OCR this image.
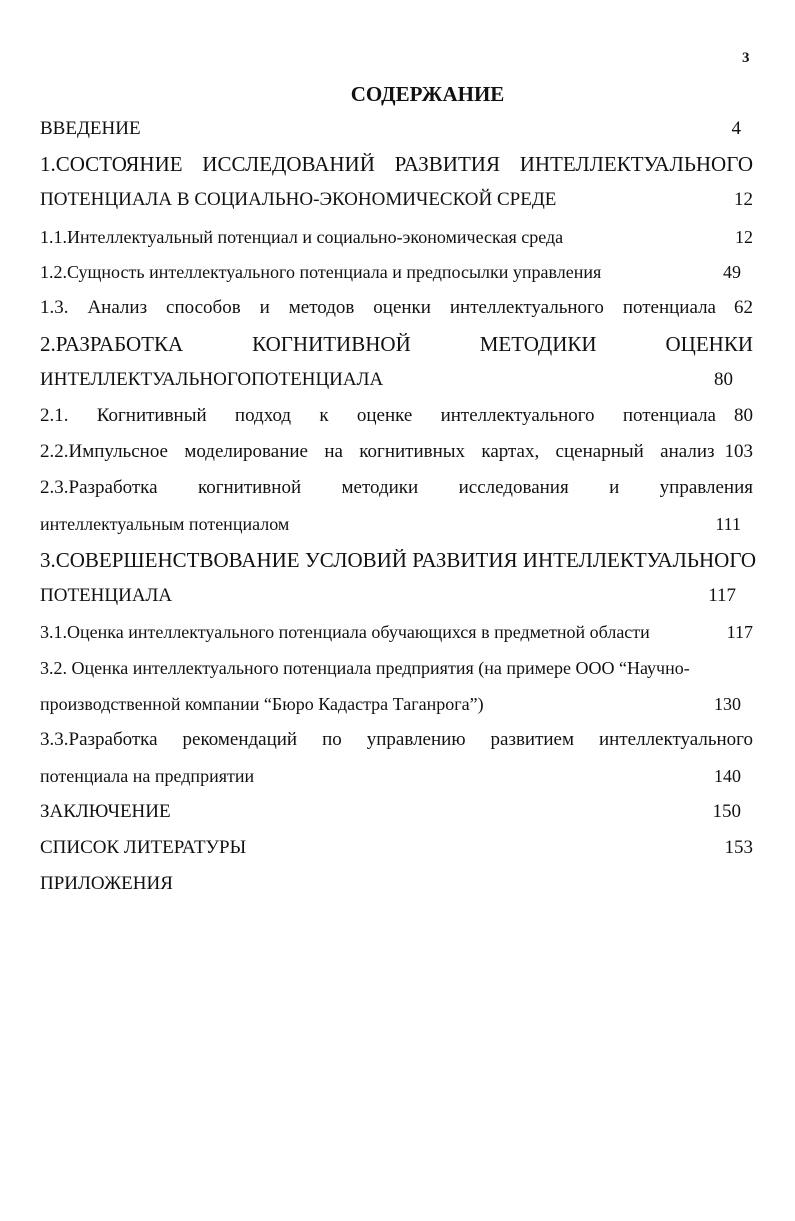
3
СОДЕРЖАНИЕ
ВВЕДЕНИЕ	4
1.СОСТОЯНИЕ ИССЛЕДОВАНИЙ РАЗВИТИЯ ИНТЕЛЛЕКТУАЛЬНОГО
ПОТЕНЦИАЛА В СОЦИАЛЬНО-ЭКОНОМИЧЕСКОЙ СРЕДЕ	12
1.1.Интеллектуальный потенциал и социально-экономическая среда	12
1.2.Сущность интеллектуального потенциала и предпосылки управления	49
1.3. Анализ способов и методов оценки интеллектуального потенциала 62
2.РАЗРАБОТКА КОГНИТИВНОЙ МЕТОДИКИ ОЦЕНКИ
ИНТЕЛЛЕКТУАЛЬНОГОПОТЕНЦИАЛА	80
2.1. Когнитивный подход к оценке интеллектуального потенциала 80
2.2.Импульсное моделирование на когнитивных картах, сценарный анализ 103
2.3.Разработка когнитивной методики исследования и управления
интеллектуальным потенциалом	111
3.СОВЕРШЕНСТВОВАНИЕ УСЛОВИЙ РАЗВИТИЯ ИНТЕЛЛЕКТУАЛЬНОГО
ПОТЕНЦИАЛА	117
3.1.Оценка интеллектуального потенциала обучающихся в предметной области	117
3.2. Оценка интеллектуального потенциала предприятия (на примере ООО “Научно-
производственной компании “Бюро Кадастра Таганрога”)	130
3.3.Разработка рекомендаций по управлению развитием интеллектуального
потенциала на предприятии	140
ЗАКЛЮЧЕНИЕ	150
СПИСОК ЛИТЕРАТУРЫ	153
ПРИЛОЖЕНИЯ
